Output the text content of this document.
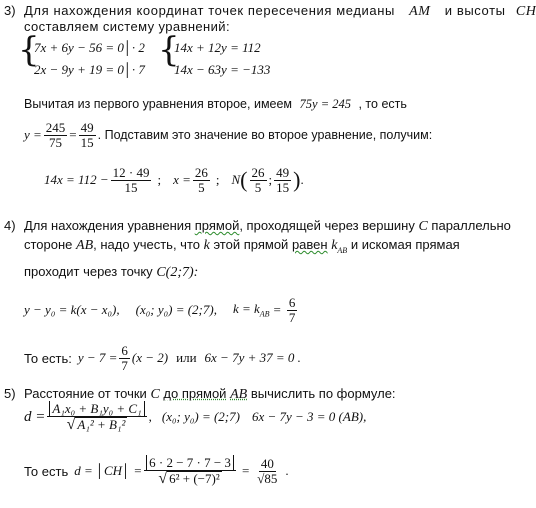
3) Для нахождения координат точек пересечения медианы AM и высоты CH
составляем систему уравнений:
{
7x + 6y − 56 = 0│· 2
2x − 9y + 19 = 0│· 7 {
14x + 12y = 112
14x − 63y = −133
Вычитая из первого уравнения второе, имеем 75y = 245 , то есть
$y = \frac{245}{75} = \frac{49}{15}$ . Подставим это значение во второе уравнение, получим:
$14x = 112 - \frac{12 \cdot 49}{15}$ ; $x = \frac{26}{5}$ ; N ( $\frac{26}{5}$ ; $\frac{49}{15}$ ) .
4) Для нахождения уравнения прямой, проходящей через вершину C параллельно
стороне AB, надо учесть, что k этой прямой равен $k_{AB}$ и искомая прямая
проходит через точку C(2;7):
y − y₀ = k(x − x₀), (x₀; y₀) = (2;7), $k = k_{AB} = \frac{6}{7}$
То есть: $y - 7 = \frac{6}{7} (x - 2)$ или 6x − 7y + 37 = 0 .
5) Расстояние от точки C до прямой AB вычислить по формуле:
$d = \frac{\text{A₁x₀ + B₁y₀ + C₁}}{\text{√ A₁² + B₁²}}$ , (x₀; y₀) = (2;7) 6x − 7y − 3 = 0 (AB),
То есть d = │CH│ = $\frac{6 \cdot 2 - 7 \cdot 7 - 3}{\text{√ 6² + (−7)²}} = \frac{40}{√85}$ .
